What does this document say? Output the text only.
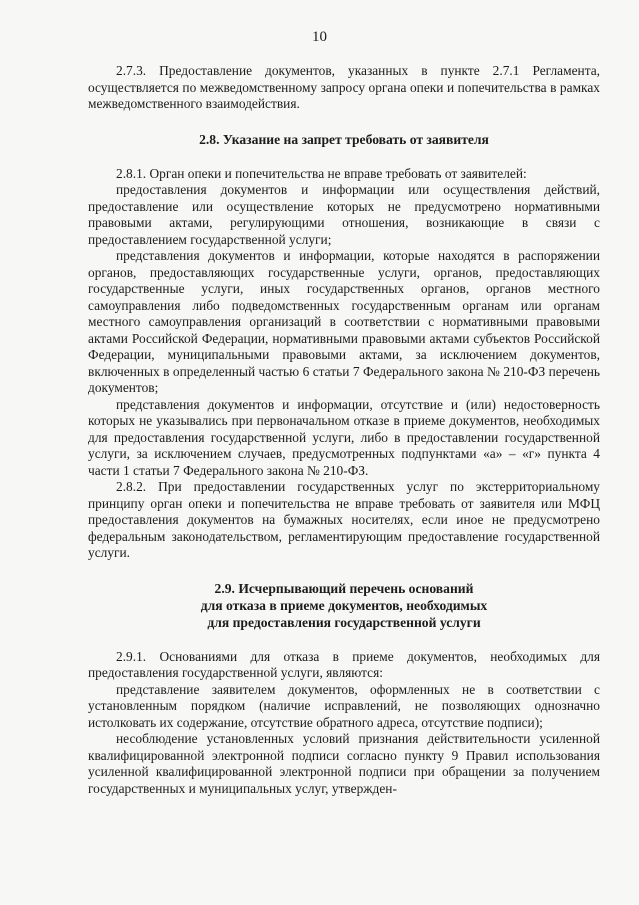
10

2.7.3. Предоставление документов, указанных в пункте 2.7.1 Регламента, осуществляется по межведомственному запросу органа опеки и попечительства в рамках межведомственного взаимодействия.

2.8. Указание на запрет требовать от заявителя

2.8.1. Орган опеки и попечительства не вправе требовать от заявителей:

предоставления документов и информации или осуществления действий, предоставление или осуществление которых не предусмотрено нормативными правовыми актами, регулирующими отношения, возникающие в связи с предоставлением государственной услуги;

представления документов и информации, которые находятся в распоряжении органов, предоставляющих государственные услуги, органов, предоставляющих государственные услуги, иных государственных органов, органов местного самоуправления либо подведомственных государственным органам или органам местного самоуправления организаций в соответствии с нормативными правовыми актами Российской Федерации, нормативными правовыми актами субъектов Российской Федерации, муниципальными правовыми актами, за исключением документов, включенных в определенный частью 6 статьи 7 Федерального закона № 210-ФЗ перечень документов;

представления документов и информации, отсутствие и (или) недостоверность которых не указывались при первоначальном отказе в приеме документов, необходимых для предоставления государственной услуги, либо в предоставлении государственной услуги, за исключением случаев, предусмотренных подпунктами «а» – «г» пункта 4 части 1 статьи 7 Федерального закона № 210-ФЗ.

2.8.2. При предоставлении государственных услуг по экстерриториальному принципу орган опеки и попечительства не вправе требовать от заявителя или МФЦ предоставления документов на бумажных носителях, если иное не предусмотрено федеральным законодательством, регламентирующим предоставление государственной услуги.

2.9. Исчерпывающий перечень оснований
для отказа в приеме документов, необходимых
для предоставления государственной услуги

2.9.1. Основаниями для отказа в приеме документов, необходимых для предоставления государственной услуги, являются:

представление заявителем документов, оформленных не в соответствии с установленным порядком (наличие исправлений, не позволяющих однозначно истолковать их содержание, отсутствие обратного адреса, отсутствие подписи);

несоблюдение установленных условий признания действительности усиленной квалифицированной электронной подписи согласно пункту 9 Правил использования усиленной квалифицированной электронной подписи при обращении за получением государственных и муниципальных услуг, утвержден-
